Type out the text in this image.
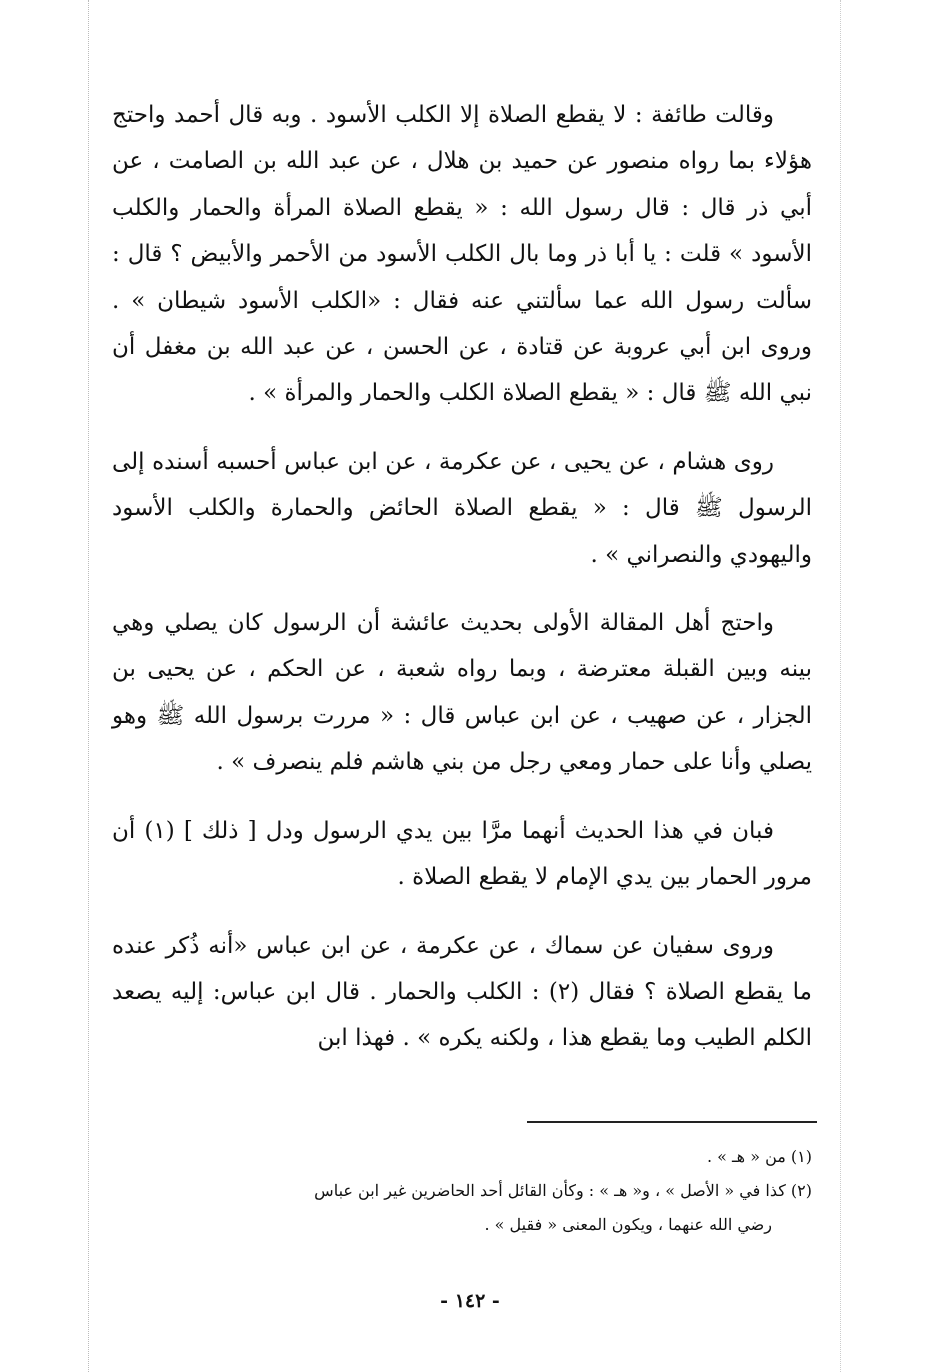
وقالت طائفة : لا يقطع الصلاة إلا الكلب الأسود . وبه قال أحمد واحتج هؤلاء بما رواه منصور عن حميد بن هلال ، عن عبد الله بن الصامت ، عن أبي ذر قال : قال رسول الله : « يقطع الصلاة المرأة والحمار والكلب الأسود » قلت : يا أبا ذر وما بال الكلب الأسود من الأحمر والأبيض ؟ قال : سألت رسول الله عما سألتني عنه فقال : «الكلب الأسود شيطان » . وروى ابن أبي عروبة عن قتادة ، عن الحسن ، عن عبد الله بن مغفل أن نبي الله ﷺ قال : « يقطع الصلاة الكلب والحمار والمرأة » .

روى هشام ، عن يحيى ، عن عكرمة ، عن ابن عباس أحسبه أسنده إلى الرسول ﷺ قال : « يقطع الصلاة الحائض والحمارة والكلب الأسود واليهودي والنصراني » .

واحتج أهل المقالة الأولى بحديث عائشة أن الرسول كان يصلي وهي بينه وبين القبلة معترضة ، وبما رواه شعبة ، عن الحكم ، عن يحيى بن الجزار ، عن صهيب ، عن ابن عباس قال : « مررت برسول الله ﷺ وهو يصلي وأنا على حمار ومعي رجل من بني هاشم فلم ينصرف » .

فبان في هذا الحديث أنهما مرَّا بين يدي الرسول ودل [ ذلك ] (١) أن مرور الحمار بين يدي الإمام لا يقطع الصلاة .

وروى سفيان عن سماك ، عن عكرمة ، عن ابن عباس «أنه ذُكر عنده ما يقطع الصلاة ؟ فقال (٢) : الكلب والحمار . قال ابن عباس: إليه يصعد الكلم الطيب وما يقطع هذا ، ولكنه يكره » . فهذا ابن

(١) من « هـ » .

(٢) كذا في « الأصل » ، و« هـ » : وكأن القائل أحد الحاضرين غير ابن عباس

رضي الله عنهما ، ويكون المعنى « فقيل » .

- ١٤٢ -
